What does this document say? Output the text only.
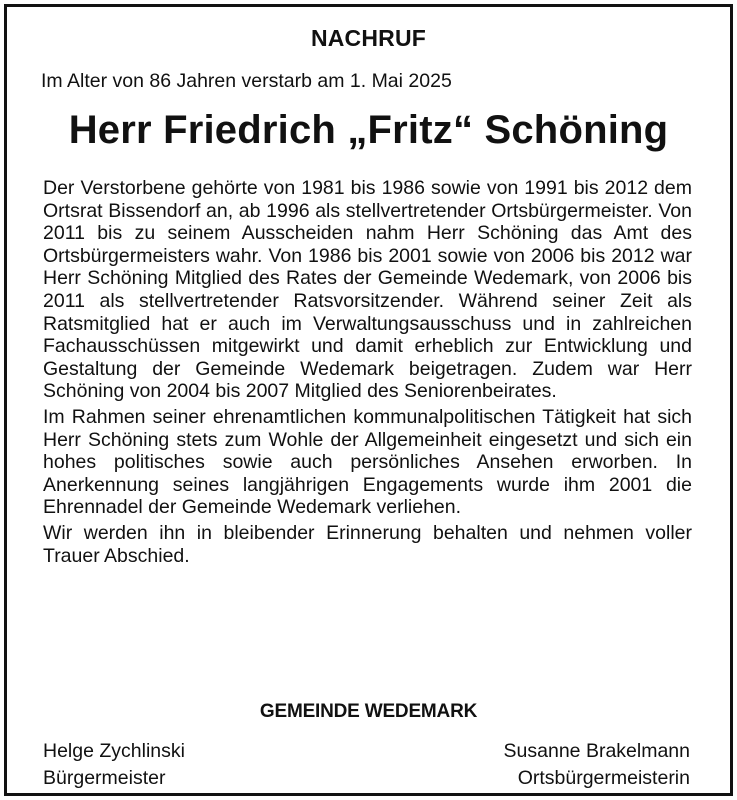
NACHRUF
Im Alter von 86 Jahren verstarb am 1. Mai 2025
Herr Friedrich „Fritz“ Schöning

Der Verstorbene gehörte von 1981 bis 1986 sowie von 1991 bis 2012 dem Ortsrat Bissendorf an, ab 1996 als stellvertretender Ortsbürgermeister. Von 2011 bis zu seinem Ausscheiden nahm Herr Schöning das Amt des Ortsbürgermeisters wahr. Von 1986 bis 2001 sowie von 2006 bis 2012 war Herr Schöning Mitglied des Rates der Gemeinde Wedemark, von 2006 bis 2011 als stellvertretender Ratsvorsitzender. Während seiner Zeit als Ratsmitglied hat er auch im Verwaltungsausschuss und in zahlreichen Fachausschüssen mitgewirkt und damit erheblich zur Entwicklung und Gestaltung der Gemeinde Wedemark beigetragen. Zudem war Herr Schöning von 2004 bis 2007 Mitglied des Seniorenbeirates.

Im Rahmen seiner ehrenamtlichen kommunalpolitischen Tätigkeit hat sich Herr Schöning stets zum Wohle der Allgemeinheit eingesetzt und sich ein hohes politisches sowie auch persönliches Ansehen erworben. In Anerkennung seines langjährigen Engagements wurde ihm 2001 die Ehrennadel der Gemeinde Wedemark verliehen.

Wir werden ihn in bleibender Erinnerung behalten und nehmen voller Trauer Abschied.

GEMEINDE WEDEMARK
Helge Zychlinski
Bürgermeister
Susanne Brakelmann
Ortsbürgermeisterin
